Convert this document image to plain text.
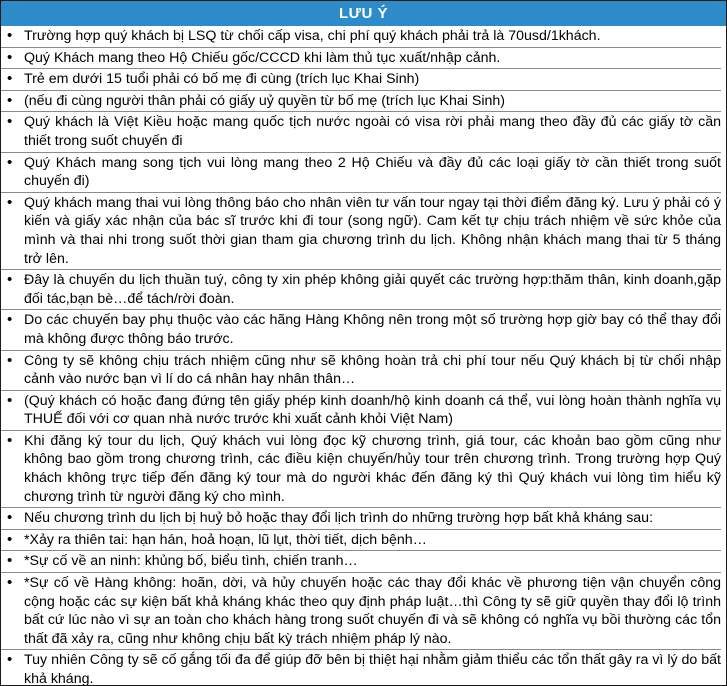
LƯU Ý
• Trường hợp quý khách bị LSQ từ chối cấp visa, chi phí quý khách phải trả là 70usd/1khách.
• Quý Khách mang theo Hộ Chiếu gốc/CCCD khi làm thủ tục xuất/nhập cảnh.
• Trẻ em dưới 15 tuổi phải có bố mẹ đi cùng (trích lục Khai Sinh)
• (nếu đi cùng người thân phải có giấy uỷ quyền từ bố mẹ (trích lục Khai Sinh)
• Quý khách là Việt Kiều hoặc mang quốc tịch nước ngoài có visa rời phải mang theo đầy đủ các giấy tờ cần thiết trong suốt chuyến đi
• Quý Khách mang song tịch vui lòng mang theo 2 Hộ Chiếu và đầy đủ các loại giấy tờ cần thiết trong suốt chuyến đi)
• Quý khách mang thai vui lòng thông báo cho nhân viên tư vấn tour ngay tại thời điểm đăng ký. Lưu ý phải có ý kiến và giấy xác nhận của bác sĩ trước khi đi tour (song ngữ). Cam kết tự chịu trách nhiệm về sức khỏe của mình và thai nhi trong suốt thời gian tham gia chương trình du lịch. Không nhận khách mang thai từ 5 tháng trở lên.
• Đây là chuyến du lịch thuần tuý, công ty xin phép không giải quyết các trường hợp:thăm thân, kinh doanh,gặp đối tác,bạn bè…để tách/rời đoàn.
• Do các chuyến bay phụ thuộc vào các hãng Hàng Không nên trong một số trường hợp giờ bay có thể thay đổi mà không được thông báo trước.
• Công ty sẽ không chịu trách nhiệm cũng như sẽ không hoàn trả chi phí tour nếu Quý khách bị từ chối nhập cảnh vào nước bạn vì lí do cá nhân hay nhân thân…
• (Quý khách có hoặc đang đứng tên giấy phép kinh doanh/hộ kinh doanh cá thể, vui lòng hoàn thành nghĩa vụ THUẾ đối với cơ quan nhà nước trước khi xuất cảnh khỏi Việt Nam)
• Khi đăng ký tour du lịch, Quý khách vui lòng đọc kỹ chương trình, giá tour, các khoản bao gồm cũng như không bao gồm trong chương trình, các điều kiện chuyến/hủy tour trên chương trình. Trong trường hợp Quý khách không trực tiếp đến đăng ký tour mà do người khác đến đăng ký thì Quý khách vui lòng tìm hiểu kỹ chương trình từ người đăng ký cho mình.
• Nếu chương trình du lịch bị huỷ bỏ hoặc thay đổi lịch trình do những trường hợp bất khả kháng sau:
• *Xảy ra thiên tai: hạn hán, hoả hoạn, lũ lụt, thời tiết, dịch bệnh…
• *Sự cố về an ninh: khủng bố, biểu tình, chiến tranh…
• *Sự cố về Hàng không: hoãn, dời, và hủy chuyến hoặc các thay đổi khác về phương tiện vận chuyển công cộng hoặc các sự kiện bất khả kháng khác theo quy định pháp luật…thì Công ty sẽ giữ quyền thay đổi lộ trình bất cứ lúc nào vì sự an toàn cho khách hàng trong suốt chuyến đi và sẽ không có nghĩa vụ bồi thường các tổn thất đã xảy ra, cũng như không chịu bất kỳ trách nhiệm pháp lý nào.
• Tuy nhiên Công ty sẽ cố gắng tối đa để giúp đỡ bên bị thiệt hại nhằm giảm thiểu các tổn thất gây ra vì lý do bất khả kháng.
